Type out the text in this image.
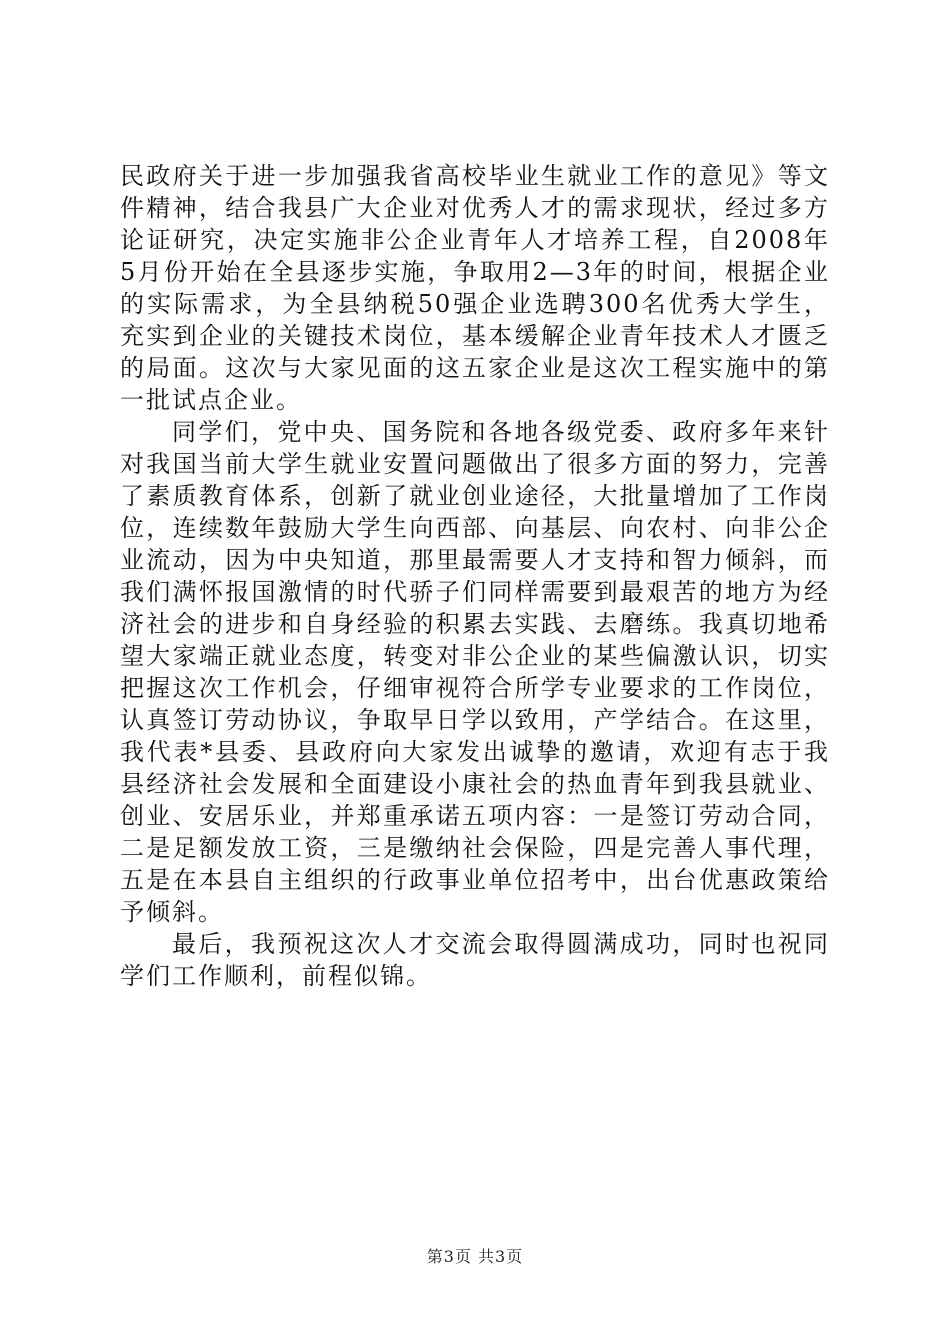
民政府关于进一步加强我省高校毕业生就业工作的意见》等文件精神，结合我县广大企业对优秀人才的需求现状，经过多方论证研究，决定实施非公企业青年人才培养工程，自2008年5月份开始在全县逐步实施，争取用2—3年的时间，根据企业的实际需求，为全县纳税50强企业选聘300名优秀大学生，充实到企业的关键技术岗位，基本缓解企业青年技术人才匮乏的局面。这次与大家见面的这五家企业是这次工程实施中的第一批试点企业。

同学们，党中央、国务院和各地各级党委、政府多年来针对我国当前大学生就业安置问题做出了很多方面的努力，完善了素质教育体系，创新了就业创业途径，大批量增加了工作岗位，连续数年鼓励大学生向西部、向基层、向农村、向非公企业流动，因为中央知道，那里最需要人才支持和智力倾斜，而我们满怀报国激情的时代骄子们同样需要到最艰苦的地方为经济社会的进步和自身经验的积累去实践、去磨练。我真切地希望大家端正就业态度，转变对非公企业的某些偏激认识，切实把握这次工作机会，仔细审视符合所学专业要求的工作岗位，认真签订劳动协议，争取早日学以致用，产学结合。在这里，我代表*县委、县政府向大家发出诚挚的邀请，欢迎有志于我县经济社会发展和全面建设小康社会的热血青年到我县就业、创业、安居乐业，并郑重承诺五项内容：一是签订劳动合同，二是足额发放工资，三是缴纳社会保险，四是完善人事代理，五是在本县自主组织的行政事业单位招考中，出台优惠政策给予倾斜。

最后，我预祝这次人才交流会取得圆满成功，同时也祝同学们工作顺利，前程似锦。

第3页 共3页
